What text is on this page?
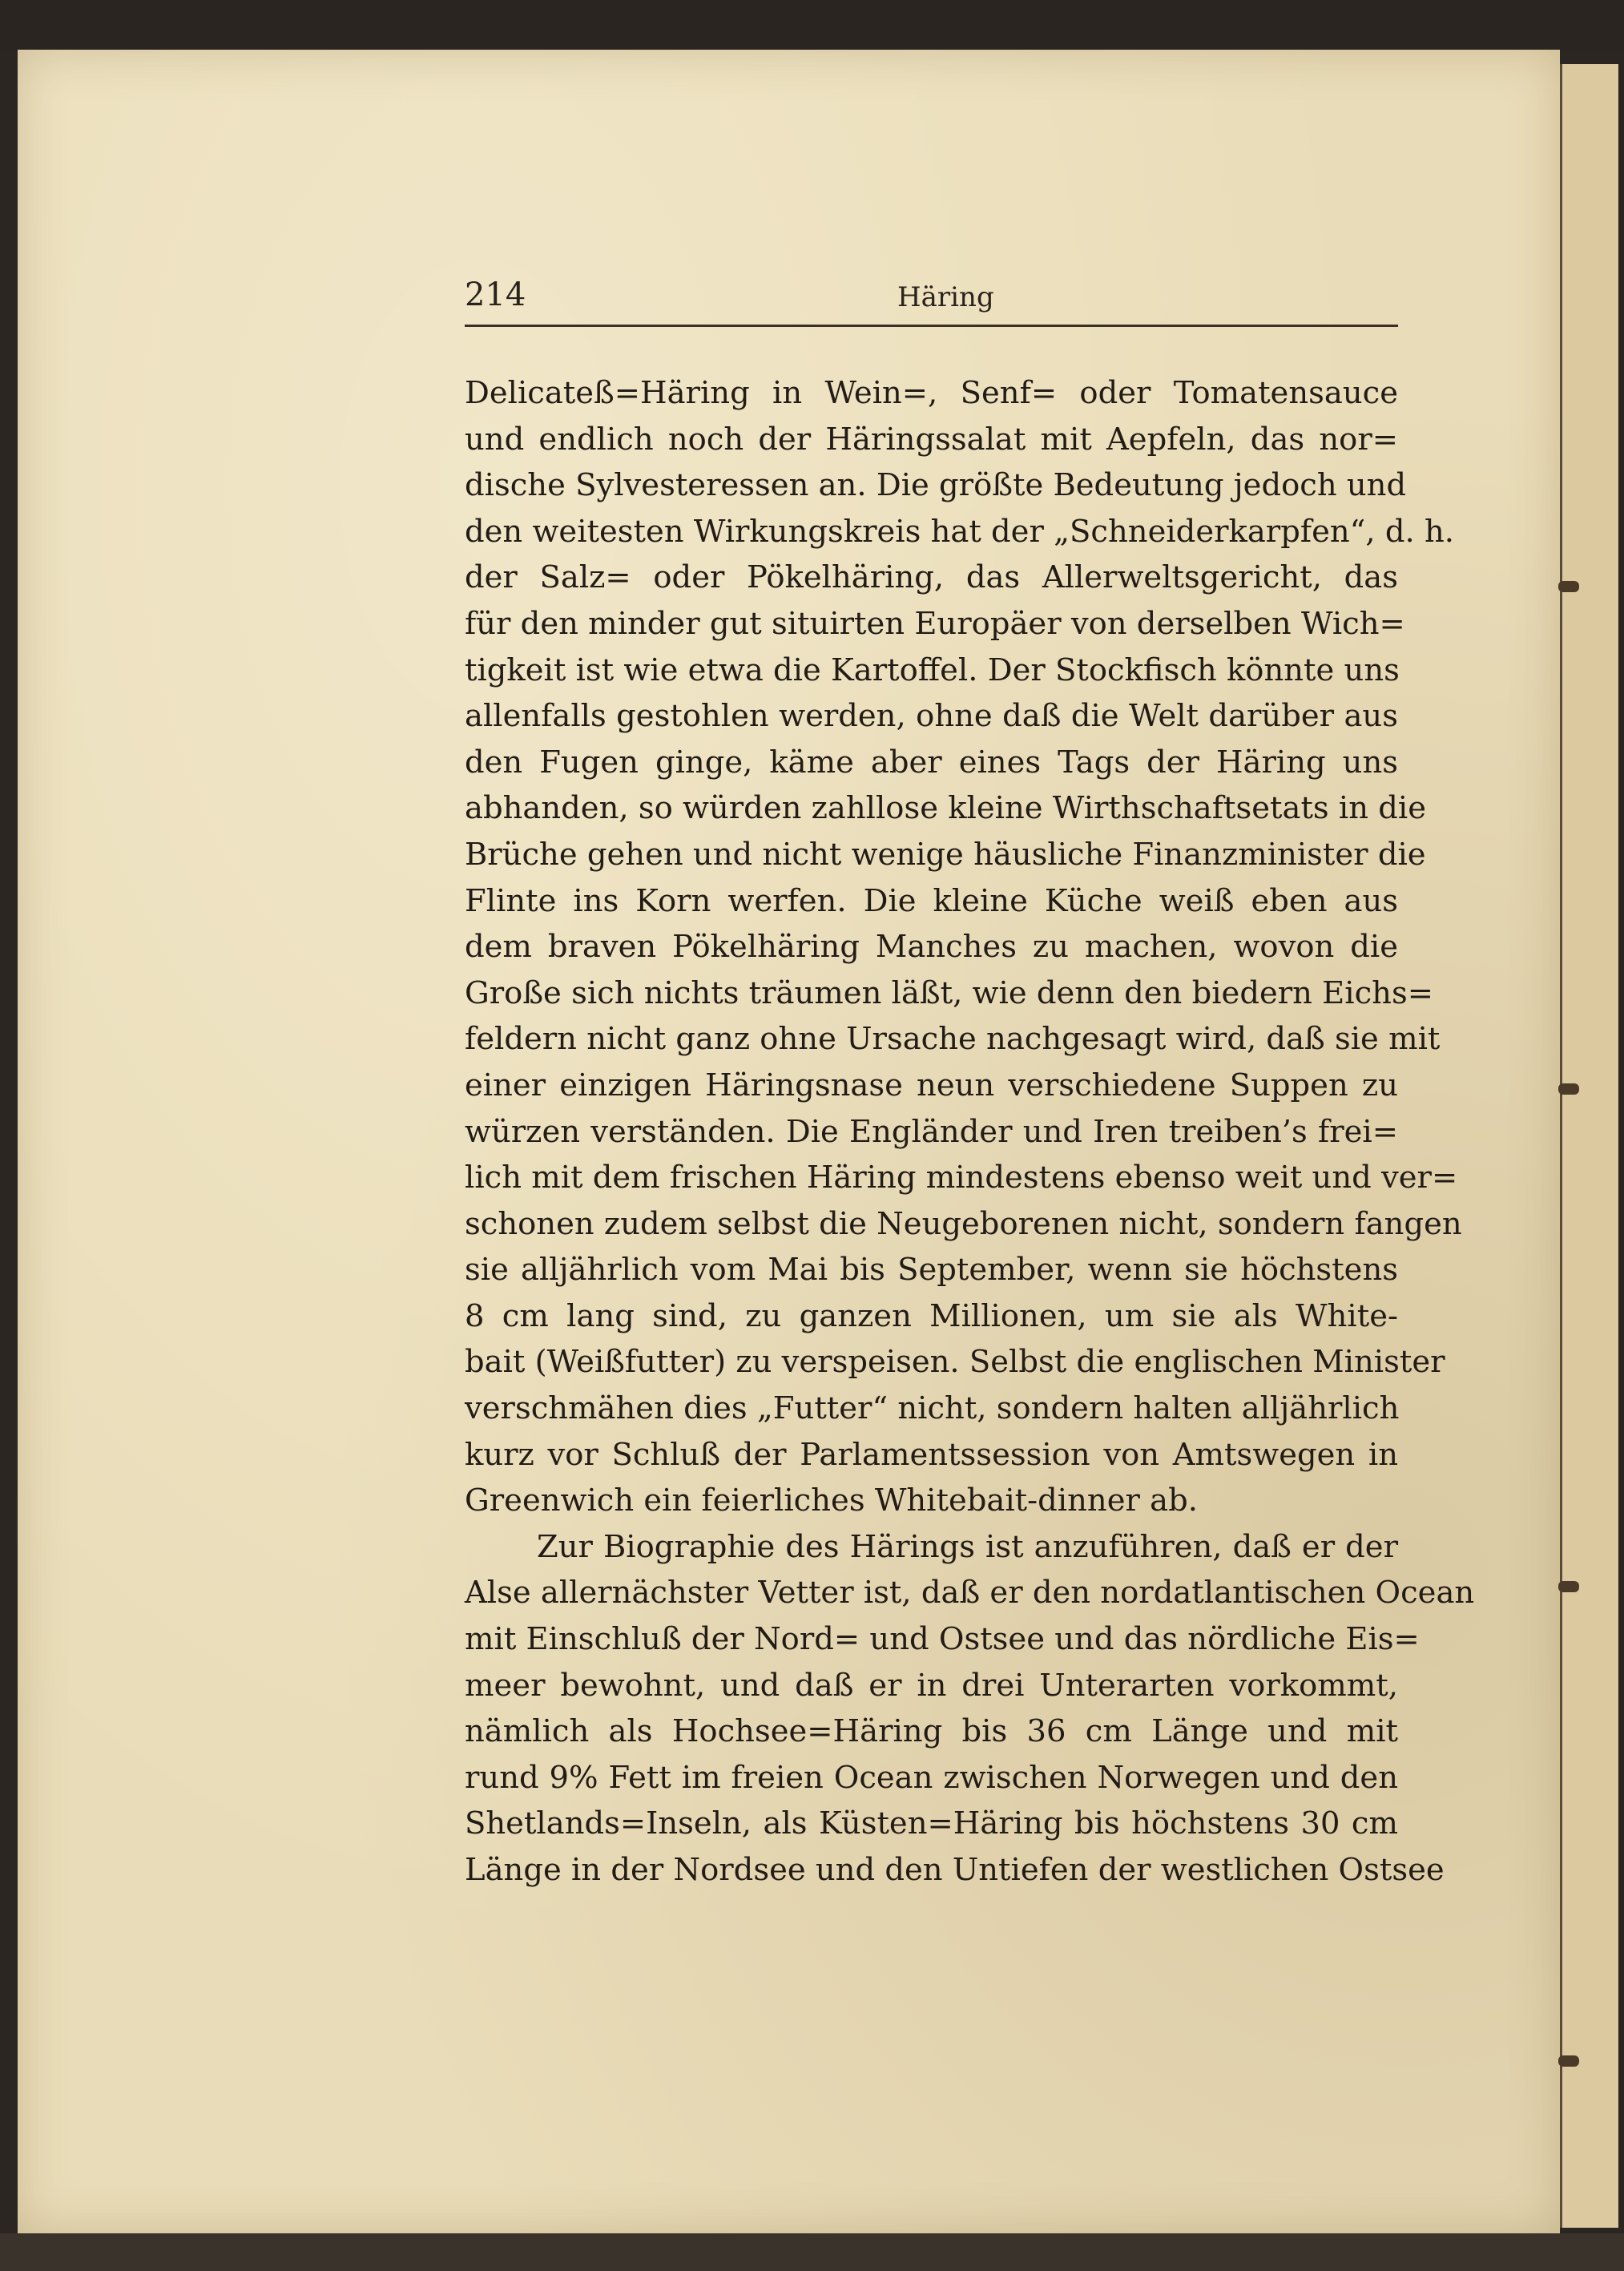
214	Häring
Delicateß=Häring in Wein=, Senf= oder Tomatensauce
und endlich noch der Häringssalat mit Aepfeln, das nor=
dische Sylvesteressen an. Die größte Bedeutung jedoch und
den weitesten Wirkungskreis hat der „Schneiderkarpfen“, d. h.
der Salz= oder Pökelhäring, das Allerweltsgericht, das
für den minder gut situirten Europäer von derselben Wich=
tigkeit ist wie etwa die Kartoffel. Der Stockfisch könnte uns
allenfalls gestohlen werden, ohne daß die Welt darüber aus
den Fugen ginge, käme aber eines Tags der Häring uns
abhanden, so würden zahllose kleine Wirthschaftsetats in die
Brüche gehen und nicht wenige häusliche Finanzminister die
Flinte ins Korn werfen. Die kleine Küche weiß eben aus
dem braven Pökelhäring Manches zu machen, wovon die
Große sich nichts träumen läßt, wie denn den biedern Eichs=
feldern nicht ganz ohne Ursache nachgesagt wird, daß sie mit
einer einzigen Häringsnase neun verschiedene Suppen zu
würzen verständen. Die Engländer und Iren treiben’s frei=
lich mit dem frischen Häring mindestens ebenso weit und ver=
schonen zudem selbst die Neugeborenen nicht, sondern fangen
sie alljährlich vom Mai bis September, wenn sie höchstens
8 cm lang sind, zu ganzen Millionen, um sie als White-
bait (Weißfutter) zu verspeisen. Selbst die englischen Minister
verschmähen dies „Futter“ nicht, sondern halten alljährlich
kurz vor Schluß der Parlamentssession von Amtswegen in
Greenwich ein feierliches Whitebait-dinner ab.
Zur Biographie des Härings ist anzuführen, daß er der
Alse allernächster Vetter ist, daß er den nordatlantischen Ocean
mit Einschluß der Nord= und Ostsee und das nördliche Eis=
meer bewohnt, und daß er in drei Unterarten vorkommt,
nämlich als Hochsee=Häring bis 36 cm Länge und mit
rund 9% Fett im freien Ocean zwischen Norwegen und den
Shetlands=Inseln, als Küsten=Häring bis höchstens 30 cm
Länge in der Nordsee und den Untiefen der westlichen Ostsee
